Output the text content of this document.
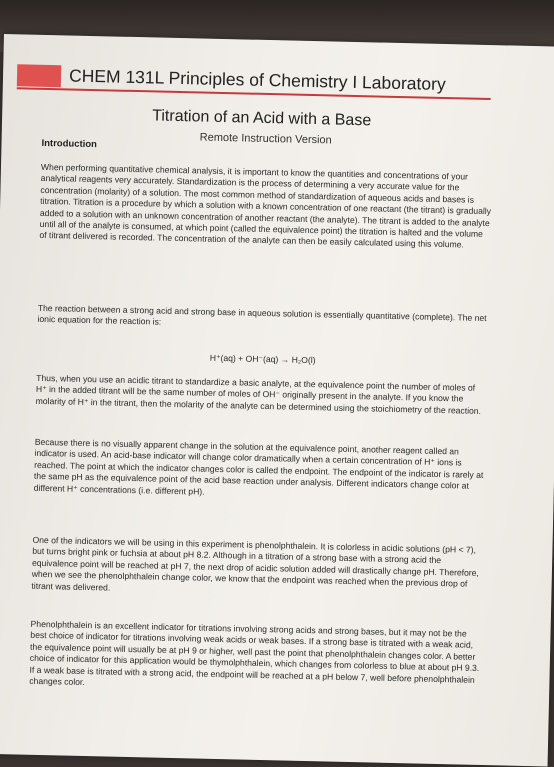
CHEM 131L Principles of Chemistry I Laboratory
Titration of an Acid with a Base
Remote Instruction Version
Introduction

When performing quantitative chemical analysis, it is important to know the quantities and concentrations of your analytical reagents very accurately. Standardization is the process of determining a very accurate value for the concentration (molarity) of a solution. The most common method of standardization of aqueous acids and bases is titration. Titration is a procedure by which a solution with a known concentration of one reactant (the titrant) is gradually added to a solution with an unknown concentration of another reactant (the analyte). The titrant is added to the analyte until all of the analyte is consumed, at which point (called the equivalence point) the titration is halted and the volume of titrant delivered is recorded. The concentration of the analyte can then be easily calculated using this volume.

The reaction between a strong acid and strong base in aqueous solution is essentially quantitative (complete). The net ionic equation for the reaction is:

H⁺(aq) + OH⁻(aq) → H₂O(l)

Thus, when you use an acidic titrant to standardize a basic analyte, at the equivalence point the number of moles of H⁺ in the added titrant will be the same number of moles of OH⁻ originally present in the analyte. If you know the molarity of H⁺ in the titrant, then the molarity of the analyte can be determined using the stoichiometry of the reaction.

Because there is no visually apparent change in the solution at the equivalence point, another reagent called an indicator is used. An acid-base indicator will change color dramatically when a certain concentration of H⁺ ions is reached. The point at which the indicator changes color is called the endpoint. The endpoint of the indicator is rarely at the same pH as the equivalence point of the acid base reaction under analysis. Different indicators change color at different H⁺ concentrations (i.e. different pH).

One of the indicators we will be using in this experiment is phenolphthalein. It is colorless in acidic solutions (pH < 7), but turns bright pink or fuchsia at about pH 8.2. Although in a titration of a strong base with a strong acid the equivalence point will be reached at pH 7, the next drop of acidic solution added will drastically change pH. Therefore, when we see the phenolphthalein change color, we know that the endpoint was reached when the previous drop of titrant was delivered.

Phenolphthalein is an excellent indicator for titrations involving strong acids and strong bases, but it may not be the best choice of indicator for titrations involving weak acids or weak bases. If a strong base is titrated with a weak acid, the equivalence point will usually be at pH 9 or higher, well past the point that phenolphthalein changes color. A better choice of indicator for this application would be thymolphthalein, which changes from colorless to blue at about pH 9.3. If a weak base is titrated with a strong acid, the endpoint will be reached at a pH below 7, well before phenolphthalein changes color.
